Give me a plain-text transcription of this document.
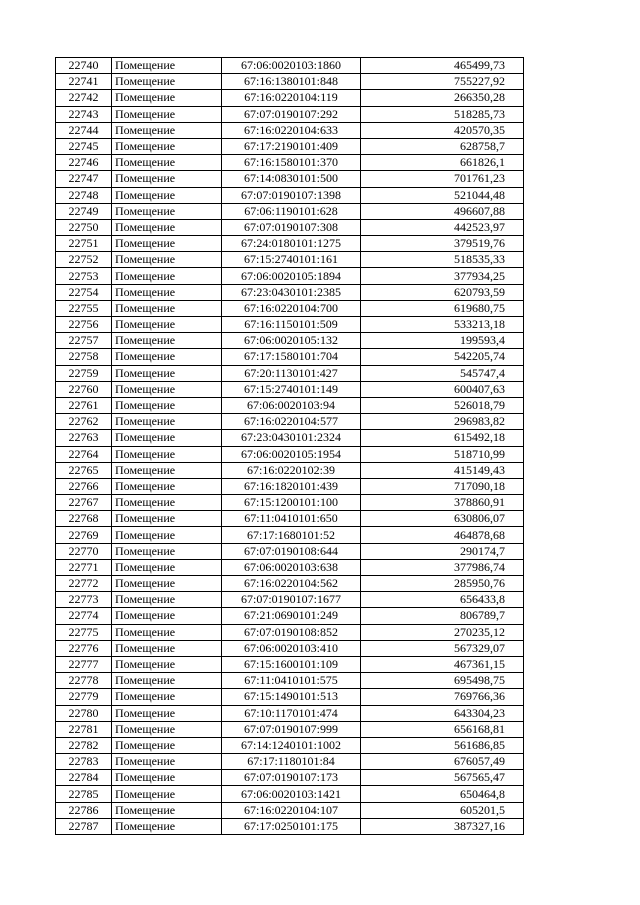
22740	Помещение	67:06:0020103:1860	465499,73
22741	Помещение	67:16:1380101:848	755227,92
22742	Помещение	67:16:0220104:119	266350,28
22743	Помещение	67:07:0190107:292	518285,73
22744	Помещение	67:16:0220104:633	420570,35
22745	Помещение	67:17:2190101:409	628758,7
22746	Помещение	67:16:1580101:370	661826,1
22747	Помещение	67:14:0830101:500	701761,23
22748	Помещение	67:07:0190107:1398	521044,48
22749	Помещение	67:06:1190101:628	496607,88
22750	Помещение	67:07:0190107:308	442523,97
22751	Помещение	67:24:0180101:1275	379519,76
22752	Помещение	67:15:2740101:161	518535,33
22753	Помещение	67:06:0020105:1894	377934,25
22754	Помещение	67:23:0430101:2385	620793,59
22755	Помещение	67:16:0220104:700	619680,75
22756	Помещение	67:16:1150101:509	533213,18
22757	Помещение	67:06:0020105:132	199593,4
22758	Помещение	67:17:1580101:704	542205,74
22759	Помещение	67:20:1130101:427	545747,4
22760	Помещение	67:15:2740101:149	600407,63
22761	Помещение	67:06:0020103:94	526018,79
22762	Помещение	67:16:0220104:577	296983,82
22763	Помещение	67:23:0430101:2324	615492,18
22764	Помещение	67:06:0020105:1954	518710,99
22765	Помещение	67:16:0220102:39	415149,43
22766	Помещение	67:16:1820101:439	717090,18
22767	Помещение	67:15:1200101:100	378860,91
22768	Помещение	67:11:0410101:650	630806,07
22769	Помещение	67:17:1680101:52	464878,68
22770	Помещение	67:07:0190108:644	290174,7
22771	Помещение	67:06:0020103:638	377986,74
22772	Помещение	67:16:0220104:562	285950,76
22773	Помещение	67:07:0190107:1677	656433,8
22774	Помещение	67:21:0690101:249	806789,7
22775	Помещение	67:07:0190108:852	270235,12
22776	Помещение	67:06:0020103:410	567329,07
22777	Помещение	67:15:1600101:109	467361,15
22778	Помещение	67:11:0410101:575	695498,75
22779	Помещение	67:15:1490101:513	769766,36
22780	Помещение	67:10:1170101:474	643304,23
22781	Помещение	67:07:0190107:999	656168,81
22782	Помещение	67:14:1240101:1002	561686,85
22783	Помещение	67:17:1180101:84	676057,49
22784	Помещение	67:07:0190107:173	567565,47
22785	Помещение	67:06:0020103:1421	650464,8
22786	Помещение	67:16:0220104:107	605201,5
22787	Помещение	67:17:0250101:175	387327,16
